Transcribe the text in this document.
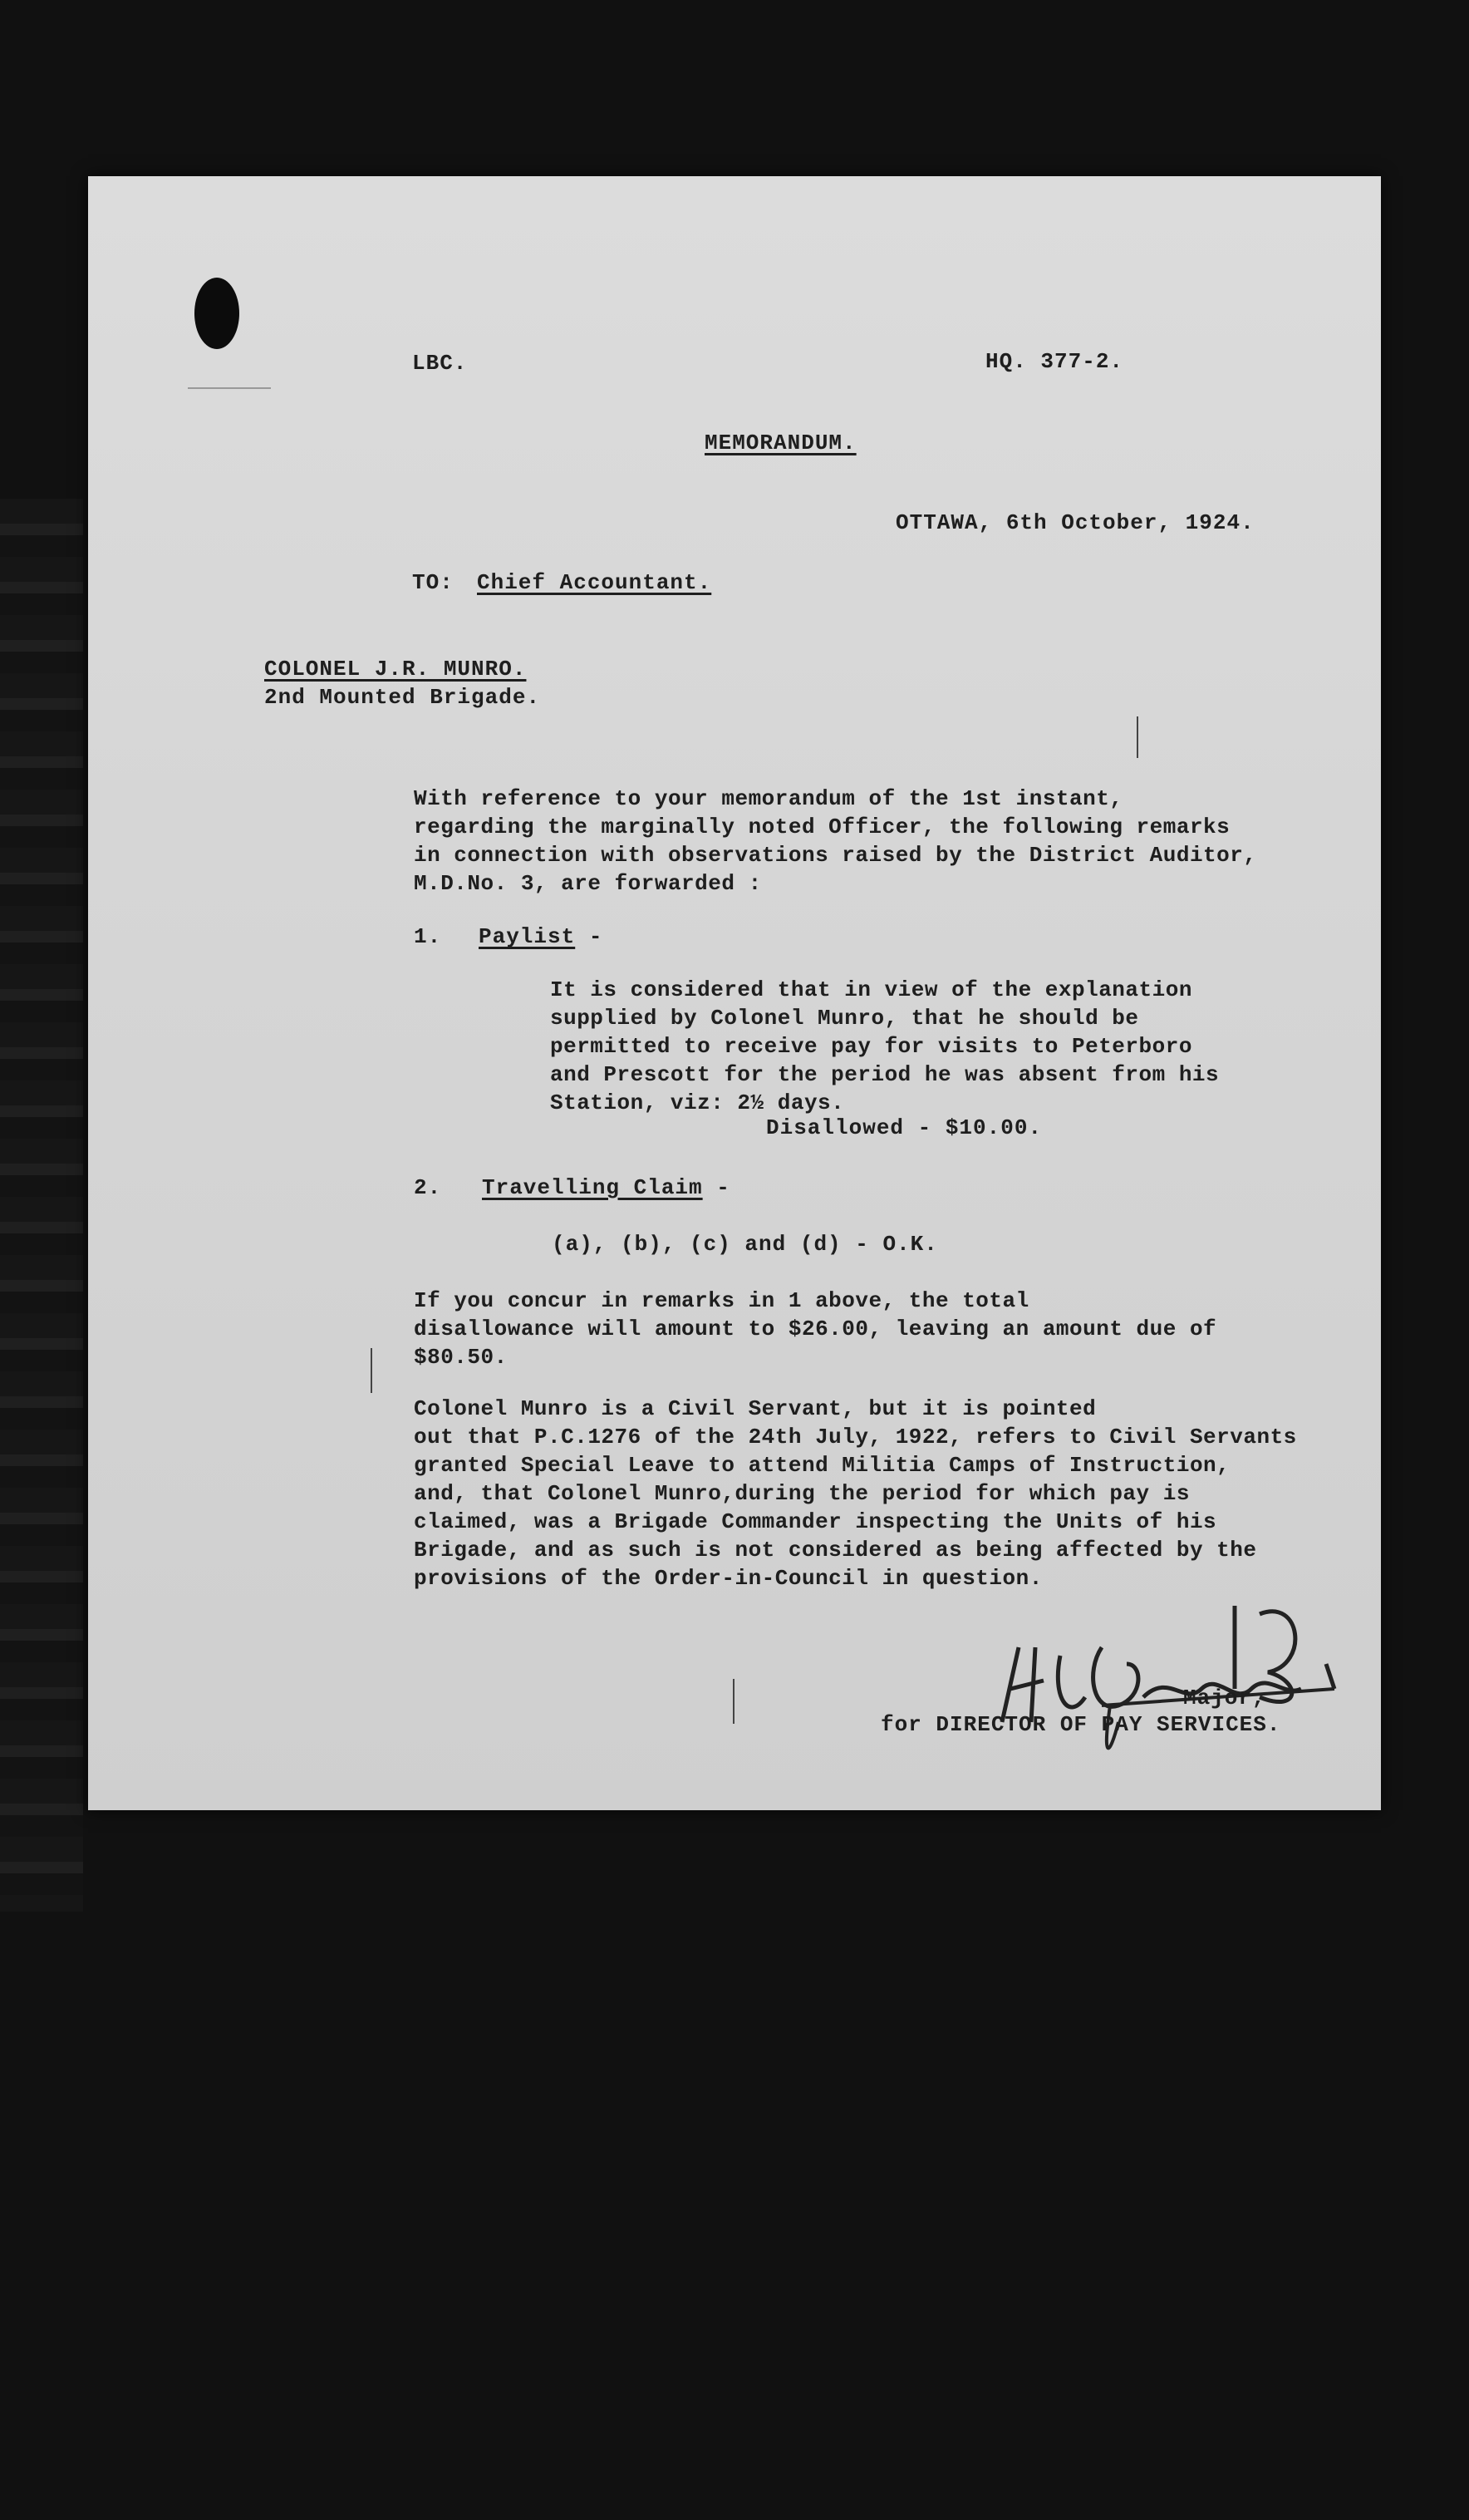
LBC.	HQ. 377-2.
MEMORANDUM.
OTTAWA, 6th October, 1924.
TO: Chief Accountant.
COLONEL J.R. MUNRO.
2nd Mounted Brigade.
With reference to your memorandum of the 1st instant,
regarding the marginally noted Officer, the following remarks
in connection with observations raised by the District Auditor,
M.D.No. 3, are forwarded :
1. Paylist -
It is considered that in view of the explanation
supplied by Colonel Munro, that he should be
permitted to receive pay for visits to Peterboro
and Prescott for the period he was absent from his
Station, viz: 2½ days.
Disallowed - $10.00.
2. Travelling Claim -
(a), (b), (c) and (d) - O.K.
If you concur in remarks in 1 above, the total
disallowance will amount to $26.00, leaving an amount due of
$80.50.
Colonel Munro is a Civil Servant, but it is pointed
out that P.C.1276 of the 24th July, 1922, refers to Civil Servants
granted Special Leave to attend Militia Camps of Instruction,
and, that Colonel Munro,during the period for which pay is
claimed, was a Brigade Commander inspecting the Units of his
Brigade, and as such is not considered as being affected by the
provisions of the Order-in-Council in question.
Major,
for DIRECTOR OF PAY SERVICES.
